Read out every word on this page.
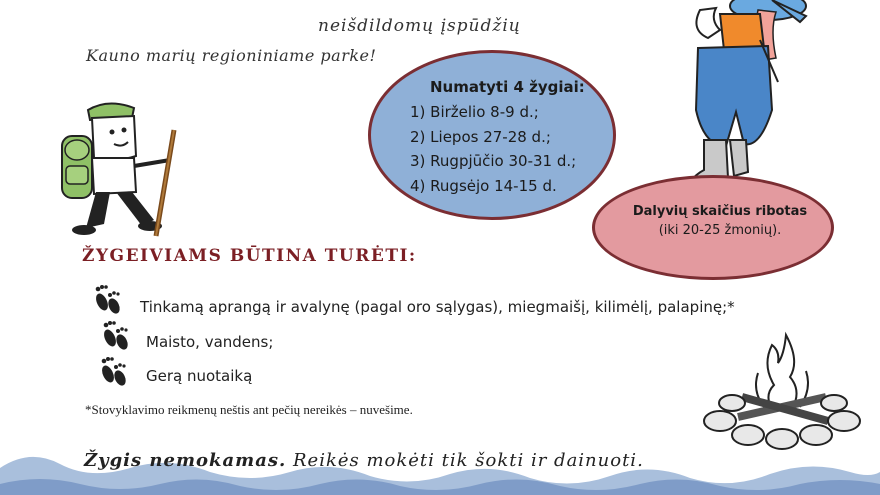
neišdildomų įspūdžių
Kauno marių regioniniame parke!
Numatyti 4 žygiai:
1) Birželio 8-9 d.;
2) Liepos 27-28 d.;
3) Rugpjūčio 30-31 d.;
4) Rugsėjo 14-15 d.
Dalyvių skaičius ribotas
(iki 20-25 žmonių).
ŽYGEIVIAMS BŪTINA TURĖTI:
Tinkamą aprangą ir avalynę (pagal oro sąlygas), miegmaišį, kilimėlį, palapinę;*
Maisto, vandens;
Gerą nuotaiką
*Stovyklavimo reikmenų neštis ant pečių nereikės – nuvešime.
Žygis nemokamas. Reikės mokėti tik šokti ir dainuoti.
